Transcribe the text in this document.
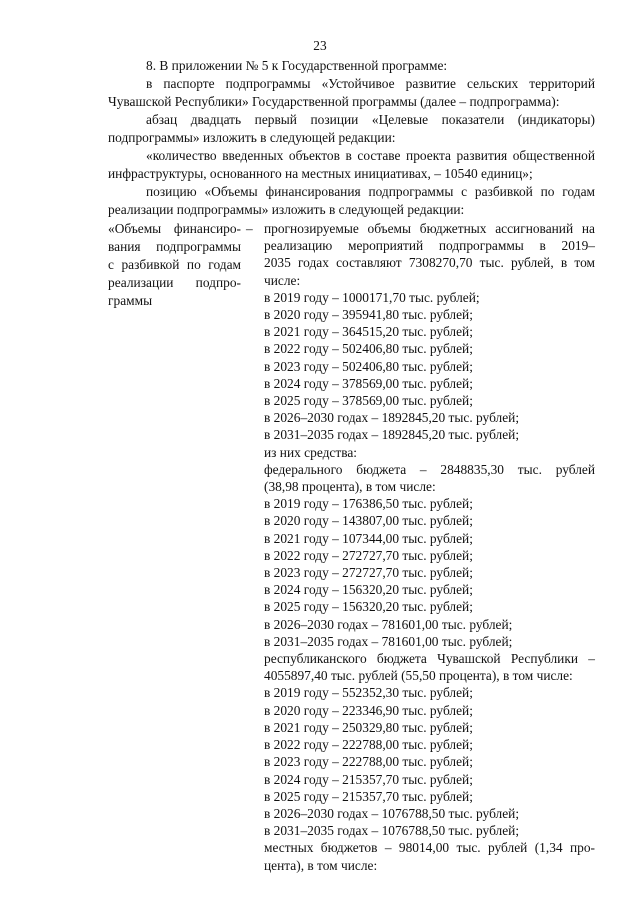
23

8. В приложении № 5 к Государственной программе:

в паспорте подпрограммы «Устойчивое развитие сельских территорий Чувашской Республики» Государственной программы (далее – подпрограмма):

абзац двадцать первый позиции «Целевые показатели (индикаторы) подпрограммы» изложить в следующей редакции:

«количество введенных объектов в составе проекта развития общественной инфраструктуры, основанного на местных инициативах, – 10540 единиц»;

позицию «Объемы финансирования подпрограммы с разбивкой по годам реализации подпрограммы» изложить в следующей редакции:

«Объемы финансиро-
вания подпрограммы
с разбивкой по годам
реализации подпро-
граммы
– прогнозируемые объемы бюджетных ассигнований на
реализацию мероприятий подпрограммы в 2019–
2035 годах составляют 7308270,70 тыс. рублей, в том
числе:
в 2019 году – 1000171,70 тыс. рублей;
в 2020 году – 395941,80 тыс. рублей;
в 2021 году – 364515,20 тыс. рублей;
в 2022 году – 502406,80 тыс. рублей;
в 2023 году – 502406,80 тыс. рублей;
в 2024 году – 378569,00 тыс. рублей;
в 2025 году – 378569,00 тыс. рублей;
в 2026–2030 годах – 1892845,20 тыс. рублей;
в 2031–2035 годах – 1892845,20 тыс. рублей;
из них средства:
федерального бюджета – 2848835,30 тыс. рублей
(38,98 процента), в том числе:
в 2019 году – 176386,50 тыс. рублей;
в 2020 году – 143807,00 тыс. рублей;
в 2021 году – 107344,00 тыс. рублей;
в 2022 году – 272727,70 тыс. рублей;
в 2023 году – 272727,70 тыс. рублей;
в 2024 году – 156320,20 тыс. рублей;
в 2025 году – 156320,20 тыс. рублей;
в 2026–2030 годах – 781601,00 тыс. рублей;
в 2031–2035 годах – 781601,00 тыс. рублей;
республиканского бюджета Чувашской Республики –
4055897,40 тыс. рублей (55,50 процента), в том числе:
в 2019 году – 552352,30 тыс. рублей;
в 2020 году – 223346,90 тыс. рублей;
в 2021 году – 250329,80 тыс. рублей;
в 2022 году – 222788,00 тыс. рублей;
в 2023 году – 222788,00 тыс. рублей;
в 2024 году – 215357,70 тыс. рублей;
в 2025 году – 215357,70 тыс. рублей;
в 2026–2030 годах – 1076788,50 тыс. рублей;
в 2031–2035 годах – 1076788,50 тыс. рублей;
местных бюджетов – 98014,00 тыс. рублей (1,34 про-
цента), в том числе:
